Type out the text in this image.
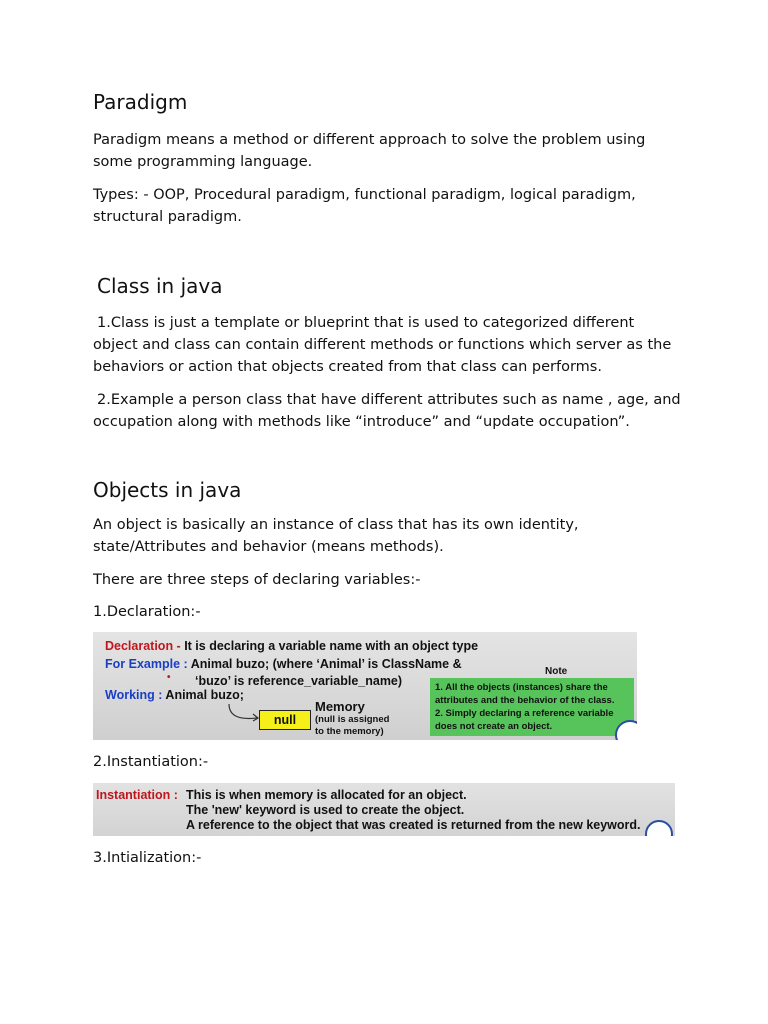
Paradigm

Paradigm means a method or different approach to solve the problem using some programming language.

Types: - OOP, Procedural paradigm, functional paradigm, logical paradigm, structural paradigm.

Class in java

1.Class is just a template or blueprint that is used to categorized different object and class can contain different methods or functions which server as the behaviors or action that objects created from that class can performs.

2.Example a person class that have different attributes such as name , age, and occupation along with methods like “introduce” and “update occupation”.

Objects in java

An object is basically an instance of class that has its own identity, state/Attributes and behavior (means methods).

There are three steps of declaring variables:-

1.Declaration:-

Declaration - It is declaring a variable name with an object type
For Example : Animal buzo; (where ‘Animal’ is ClassName &
‘buzo’ is reference_variable_name)
•
Working : Animal buzo;
null
Memory
(null is assigned
to the memory)
Note
1. All the objects (instances) share the attributes and the behavior of the class.
2. Simply declaring a reference variable does not create an object.

2.Instantiation:-

Instantiation : This is when memory is allocated for an object.
The 'new' keyword is used to create the object.
A reference to the object that was created is returned from the new keyword.

3.Intialization:-
